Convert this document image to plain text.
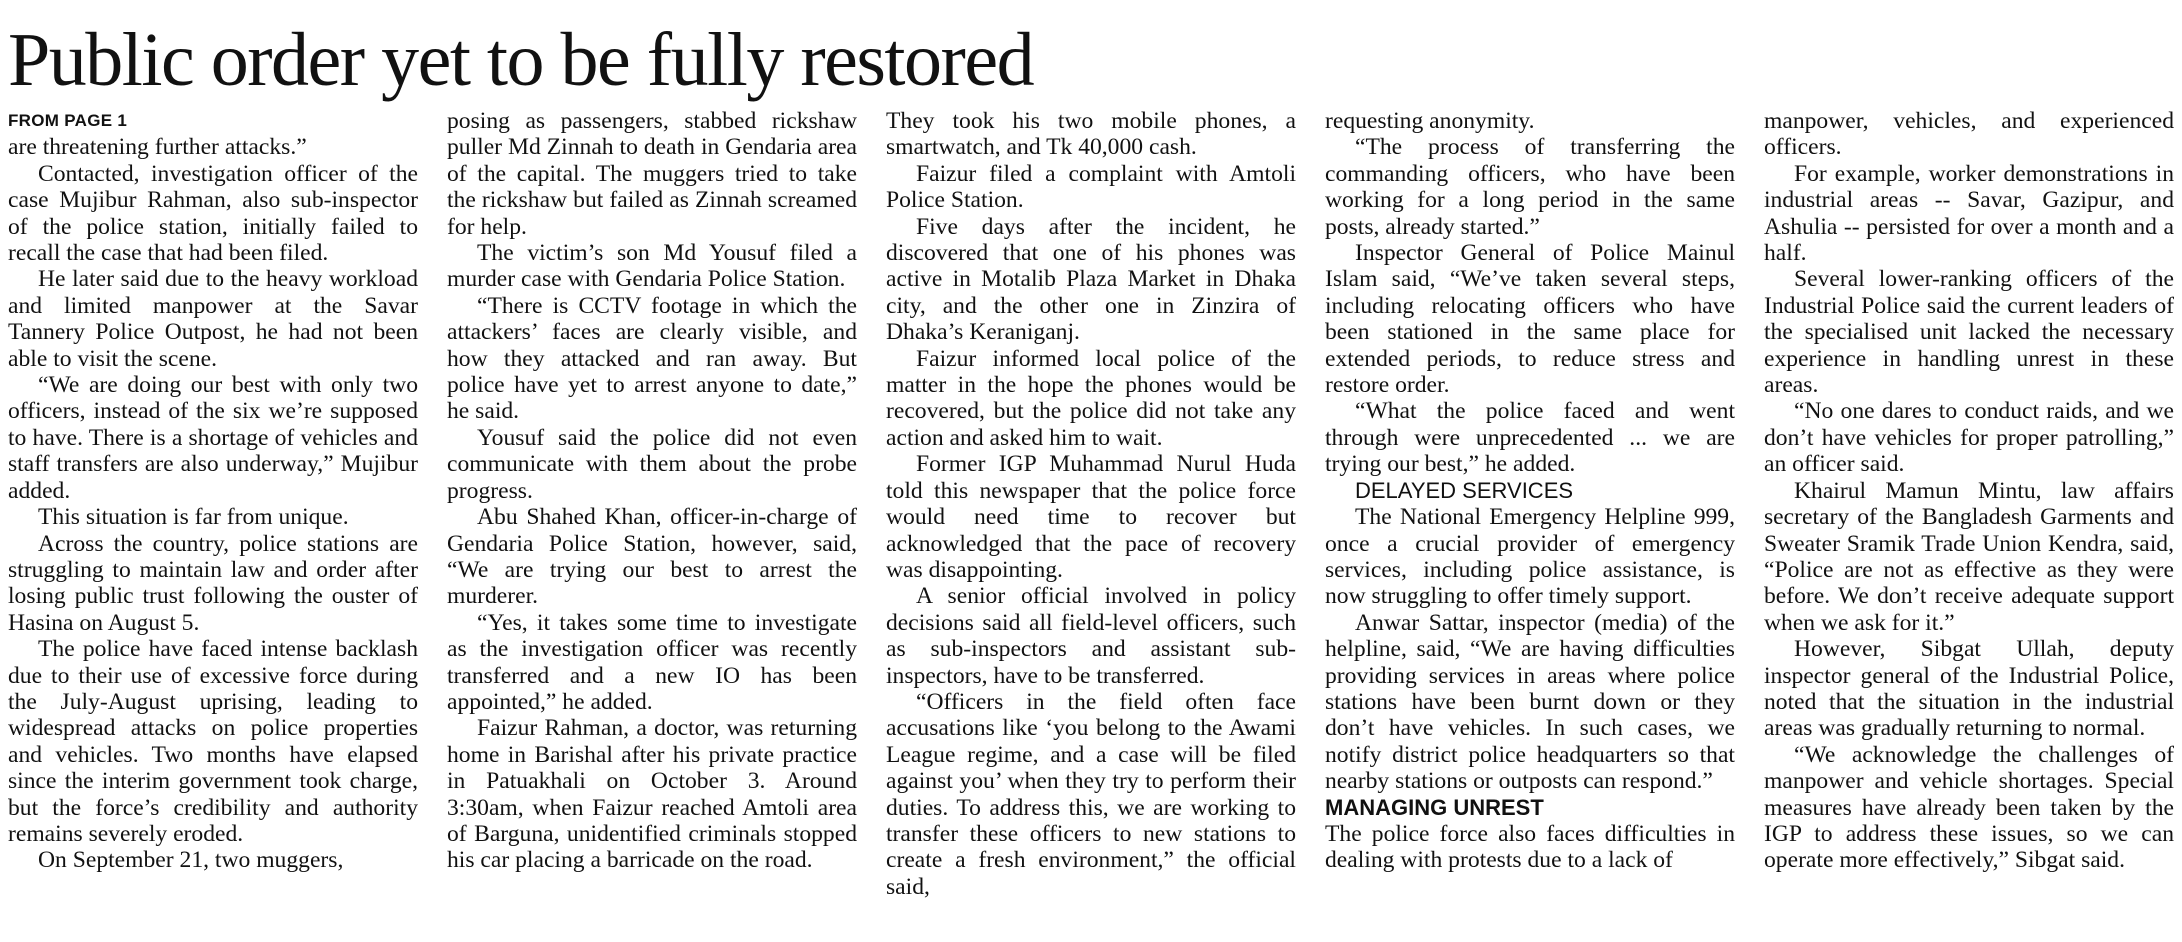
Public order yet to be fully restored
FROM PAGE 1

are threatening further attacks.”

Contacted, investigation officer of the case Mujibur Rahman, also sub-inspector of the police station, initially failed to recall the case that had been filed.

He later said due to the heavy workload and limited manpower at the Savar Tannery Police Outpost, he had not been able to visit the scene.

“We are doing our best with only two officers, instead of the six we’re supposed to have. There is a shortage of vehicles and staff transfers are also underway,” Mujibur added.

This situation is far from unique.

Across the country, police stations are struggling to maintain law and order after losing public trust following the ouster of Hasina on August 5.

The police have faced intense backlash due to their use of excessive force during the July-August uprising, leading to widespread attacks on police properties and vehicles. Two months have elapsed since the interim government took charge, but the force’s credibility and authority remains severely eroded.

On September 21, two muggers,

posing as passengers, stabbed rickshaw puller Md Zinnah to death in Gendaria area of the capital. The muggers tried to take the rickshaw but failed as Zinnah screamed for help.

The victim’s son Md Yousuf filed a murder case with Gendaria Police Station.

“There is CCTV footage in which the attackers’ faces are clearly visible, and how they attacked and ran away. But police have yet to arrest anyone to date,” he said.

Yousuf said the police did not even communicate with them about the probe progress.

Abu Shahed Khan, officer-in-charge of Gendaria Police Station, however, said, “We are trying our best to arrest the murderer.

“Yes, it takes some time to investigate as the investigation officer was recently transferred and a new IO has been appointed,” he added.

Faizur Rahman, a doctor, was returning home in Barishal after his private practice in Patuakhali on October 3. Around 3:30am, when Faizur reached Amtoli area of Barguna, unidentified criminals stopped his car placing a barricade on the road.

They took his two mobile phones, a smartwatch, and Tk 40,000 cash.

Faizur filed a complaint with Amtoli Police Station.

Five days after the incident, he discovered that one of his phones was active in Motalib Plaza Market in Dhaka city, and the other one in Zinzira of Dhaka’s Keraniganj.

Faizur informed local police of the matter in the hope the phones would be recovered, but the police did not take any action and asked him to wait.

Former IGP Muhammad Nurul Huda told this newspaper that the police force would need time to recover but acknowledged that the pace of recovery was disappointing.

A senior official involved in policy decisions said all field-level officers, such as sub-inspectors and assistant sub-inspectors, have to be transferred.

“Officers in the field often face accusations like ‘you belong to the Awami League regime, and a case will be filed against you’ when they try to perform their duties. To address this, we are working to transfer these officers to new stations to create a fresh environment,” the official said,

requesting anonymity.

“The process of transferring the commanding officers, who have been working for a long period in the same posts, already started.”

Inspector General of Police Mainul Islam said, “We’ve taken several steps, including relocating officers who have been stationed in the same place for extended periods, to reduce stress and restore order.

“What the police faced and went through were unprecedented ... we are trying our best,” he added.

DELAYED SERVICES

The National Emergency Helpline 999, once a crucial provider of emergency services, including police assistance, is now struggling to offer timely support.

Anwar Sattar, inspector (media) of the helpline, said, “We are having difficulties providing services in areas where police stations have been burnt down or they don’t have vehicles. In such cases, we notify district police headquarters so that nearby stations or outposts can respond.”

MANAGING UNREST

The police force also faces difficulties in dealing with protests due to a lack of

manpower, vehicles, and experienced officers.

For example, worker demonstrations in industrial areas -- Savar, Gazipur, and Ashulia -- persisted for over a month and a half.

Several lower-ranking officers of the Industrial Police said the current leaders of the specialised unit lacked the necessary experience in handling unrest in these areas.

“No one dares to conduct raids, and we don’t have vehicles for proper patrolling,” an officer said.

Khairul Mamun Mintu, law affairs secretary of the Bangladesh Garments and Sweater Sramik Trade Union Kendra, said, “Police are not as effective as they were before. We don’t receive adequate support when we ask for it.”

However, Sibgat Ullah, deputy inspector general of the Industrial Police, noted that the situation in the industrial areas was gradually returning to normal.

“We acknowledge the challenges of manpower and vehicle shortages. Special measures have already been taken by the IGP to address these issues, so we can operate more effectively,” Sibgat said.
